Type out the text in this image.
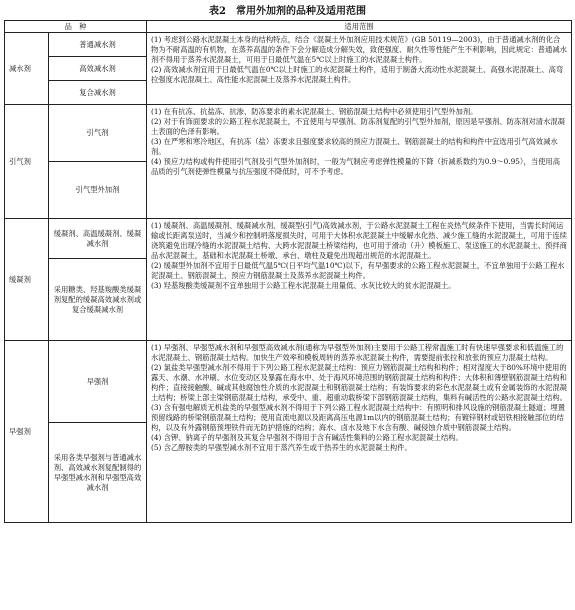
表2　常用外加剂的品种及适用范围
品　种		适用范围
减水剂	普通减水剂	(1) 考虑到公路水泥混凝土本身的结构特点，结合《混凝土外加剂应用技术规范》(GB 50119—2003)，由于普通减水剂的化合物为不耐高温的有机物，在蒸养高温的条件下会分解造成分解失效，致使强度、耐久性等性能产生不利影响，因此规定：普通减水剂不得用于蒸养水泥混凝土，可用于日最低气温在5℃以上时施工的水泥混凝土构件。

(2) 高效减水剂宜用于日最低气温在0℃以上时施工的水泥混凝土构件，适用于制备大流动性水泥混凝土、高强水泥混凝土、高弯拉强度水泥混凝土、高性能水泥混凝土及蒸养水泥混凝土构件。

	高效减水剂	
	复合减水剂	
引气剂	引气剂	(1) 在有抗冻、抗盐冻、抗渗、防冻要求的素水泥混凝土、钢筋混凝土结构中必须使用引气型外加剂。

(2) 对于有饰面要求的公路工程水泥混凝土，不宜使用与早强剂、防冻剂复配的引气型外加剂，原因是早强剂、防冻剂对清水混凝土表面的色泽有影响。

(3) 在严寒和寒冷地区，有抗冻（盐）冻要求且强度要求较高的预应力混凝土、钢筋混凝土的结构和构件中宜选用引气高效减水剂。

(4) 预应力结构或构件使用引气剂及引气型外加剂时，一般为气制应考虑弹性模量的下降（折减系数约为0.9～0.95），当使用高品质的引气剂使弹性模量与抗压强度不降低时，可不予考虑。

	引气型外加剂	
缓凝剂	缓凝剂、高温缓凝剂、缓凝减水剂	(1) 缓凝剂、高温缓凝剂、缓凝减水剂、缓凝型(引气)高效减水剂，于公路水泥混凝土工程在炎热气候条件下使用，当需长时间运输或长距离泵送时，当减少和控制坍落度损失时，可用于大体积水泥混凝土中缓解水化热、减少施工缝的水泥混凝土，可用于连续浇筑避免出现冷缝的水泥混凝土结构、大跨水泥混凝土桥梁结构，也可用于滑动（升）模板施工、泵送施工的水泥混凝土、预拌商品水泥混凝土，基础和水泥混凝土桥墩、承台、墩柱及避免出现超出规范的水泥混凝土。

(2) 缓凝型外加剂不宜用于日最低气温5℃(日平均气温10℃)以下，有早强要求的公路工程水泥混凝土，不宜单独用于公路工程水泥混凝土、钢筋混凝土、预应力钢筋混凝土及蒸养水泥混凝土构件。

(3) 羟基羧酸类缓凝剂不宜单独用于公路工程水泥混凝土用量低、水灰比较大的贫水泥混凝土。

	采用糖类、羟基羧酸类缓凝剂复配的缓凝高效减水剂或复合缓凝减水剂	
早强剂	早强剂	(1) 早强剂、早强型减水剂和早强型高效减水剂(通称为早强型外加剂)主要用于公路工程常温施工时有快速早强要求和低温施工的水泥混凝土、钢筋混凝土结构。加快生产效率和模板周转的蒸养水泥混凝土构件，需要提前张拉和放张的预应力混凝土结构。

(2) 氯盐类早强型减水剂不得用于下列公路工程水泥混凝土结构：预应力钢筋混凝土结构和构件；相对湿度大于80%环境中使用的露天、水潮、水冲刷、水位变动区及暴露在海水中、处于海风环境范围的钢筋混凝土结构和构件；大体积和薄壁钢筋混凝土结构和构件；直接接触酸、碱或其他腐蚀性介质的水泥混凝土和钢筋混凝土结构；有装饰要求的彩色水泥混凝土或有金属装饰的水泥混凝土结构；桥梁上部主梁钢筋混凝土结构，承受中、重、超重动载桥梁下部钢筋混凝土结构，集料有碱活性的公路水泥混凝土结构。

(3) 含有强电解质无机盐类的早强型减水剂不得用于下列公路工程水泥混凝土结构中：有照明和排风设施的钢筋混凝土隧道；埋置预留线路的桥梁钢筋混凝土结构；使用直流电源以及距离高压电源1m以内的钢筋混凝土结构；有镀锌钢材或铝铁相接触部位的结构，以及有外露钢筋预埋铁件而无防护措施的结构；海水、卤水及地下水含有酸、碱侵蚀介质中钢筋混凝土结构。

(4) 含钾、钠离子的早强剂及其复合早强剂不得用于含有碱活性集料的公路工程水泥混凝土结构。

(5) 含乙醇胺类的早强型减水剂不宜用于蒸汽养生或干热养生的水泥混凝土构件。

	采用各类早强剂与普通减水剂、高效减水剂复配制得的早强型减水剂和早强型高效减水剂	
